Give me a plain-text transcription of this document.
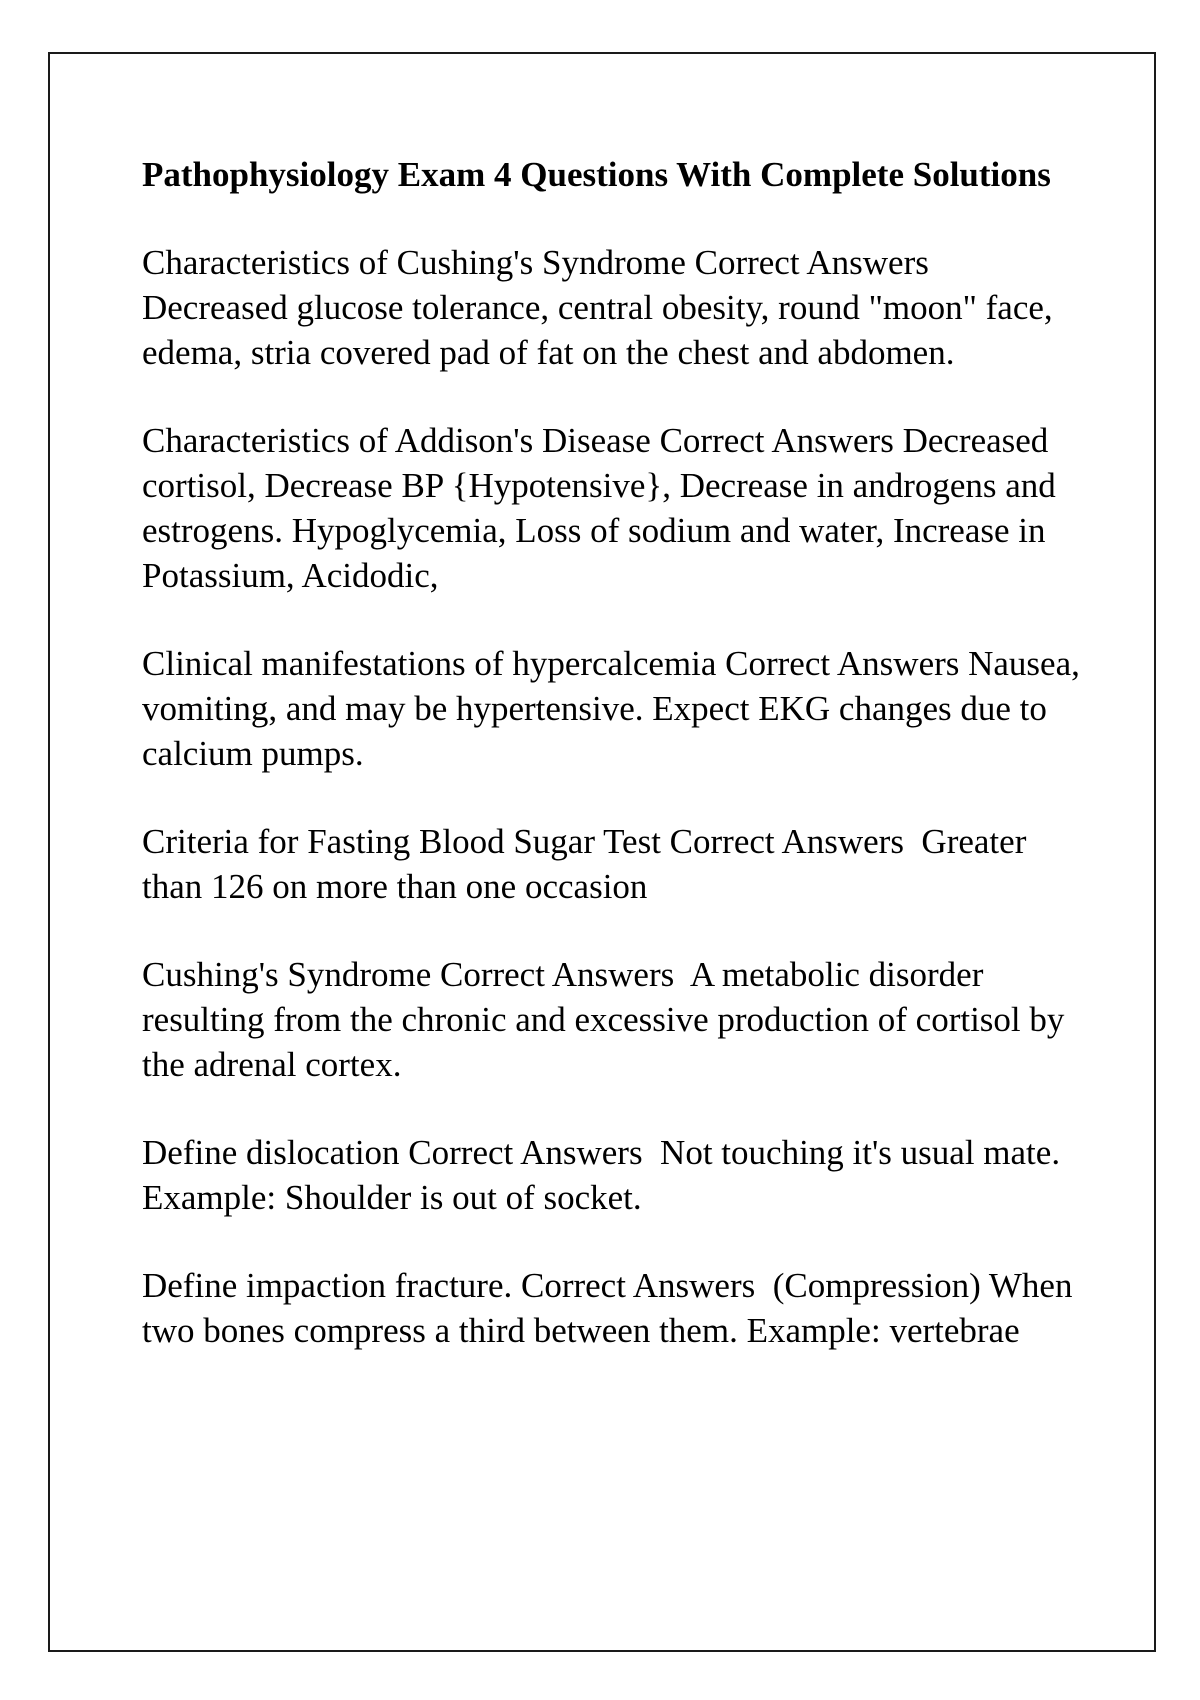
Pathophysiology Exam 4 Questions With Complete Solutions
Characteristics of Cushing's Syndrome Correct Answers Decreased glucose tolerance, central obesity, round "moon" face, edema, stria covered pad of fat on the chest and abdomen.
Characteristics of Addison's Disease Correct Answers Decreased cortisol, Decrease BP {Hypotensive}, Decrease in androgens and estrogens. Hypoglycemia, Loss of sodium and water, Increase in Potassium, Acidodic,
Clinical manifestations of hypercalcemia Correct Answers Nausea, vomiting, and may be hypertensive. Expect EKG changes due to calcium pumps.
Criteria for Fasting Blood Sugar Test Correct Answers  Greater than 126 on more than one occasion
Cushing's Syndrome Correct Answers  A metabolic disorder resulting from the chronic and excessive production of cortisol by the adrenal cortex.
Define dislocation Correct Answers  Not touching it's usual mate. Example: Shoulder is out of socket.
Define impaction fracture. Correct Answers  (Compression) When two bones compress a third between them. Example: vertebrae
